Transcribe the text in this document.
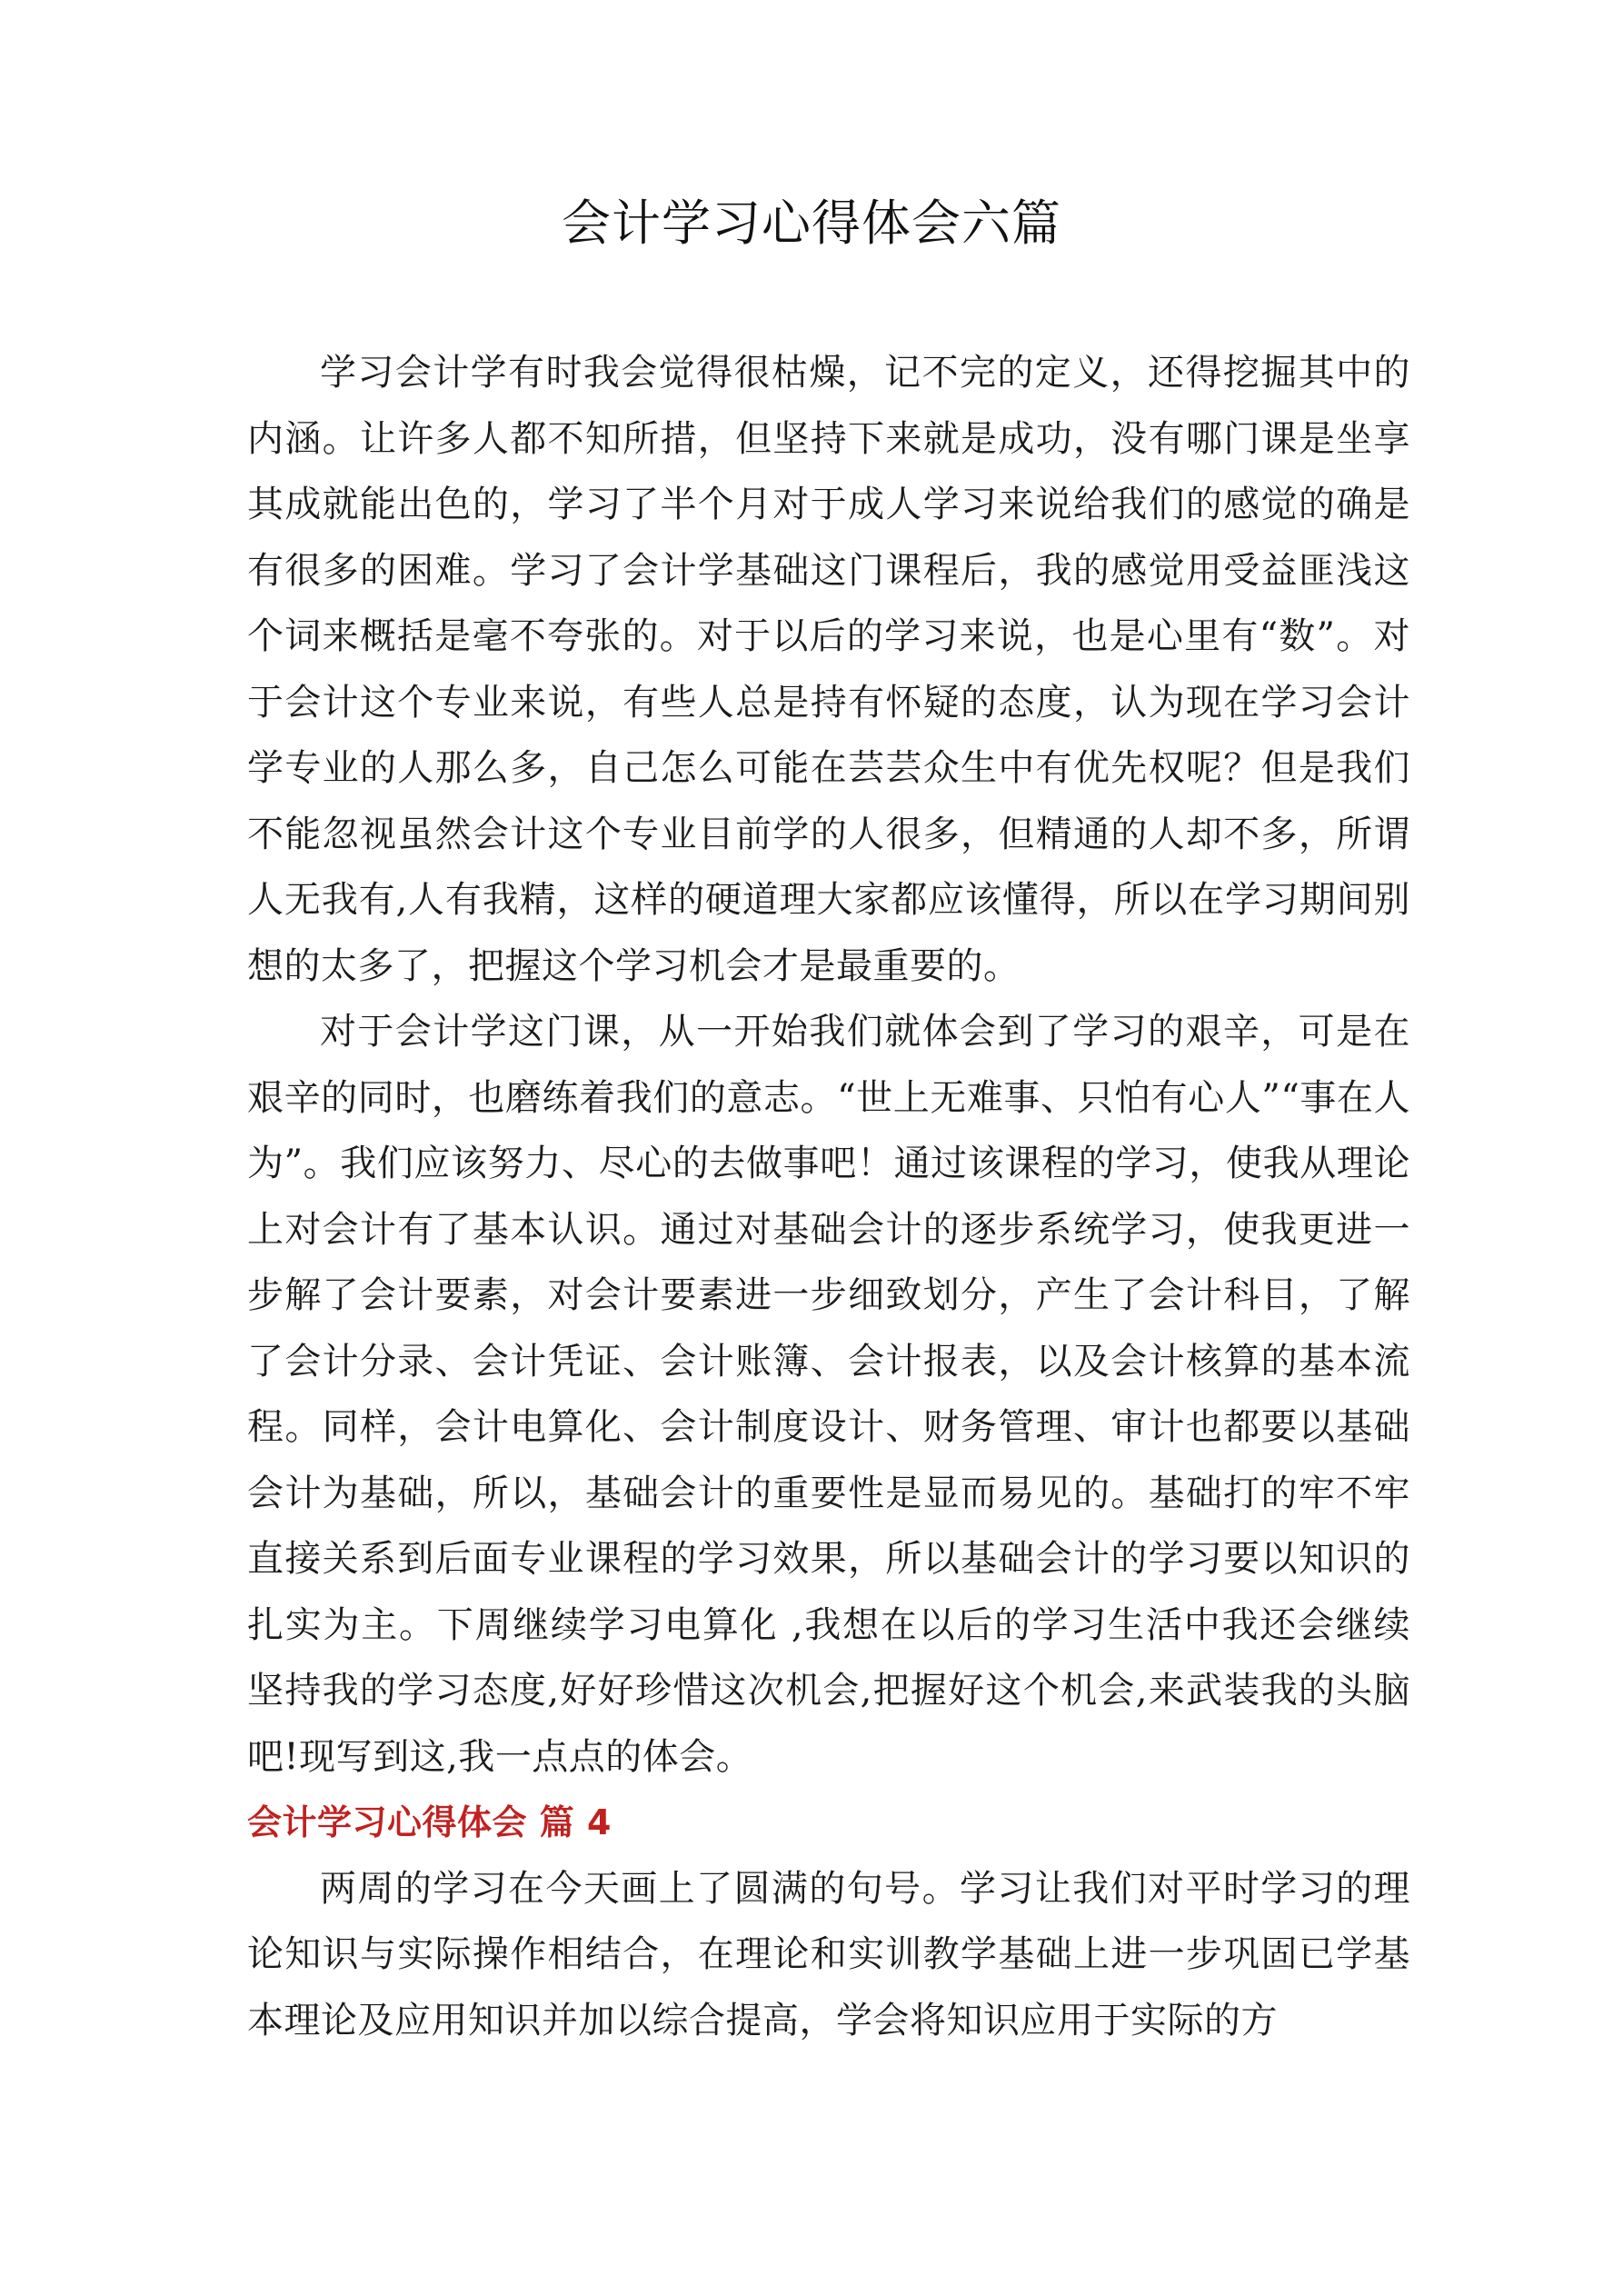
会计学习心得体会六篇

学习会计学有时我会觉得很枯燥，记不完的定义，还得挖掘其中的内涵。让许多人都不知所措，但坚持下来就是成功，没有哪门课是坐享其成就能出色的，学习了半个月对于成人学习来说给我们的感觉的确是有很多的困难。学习了会计学基础这门课程后，我的感觉用受益匪浅这个词来概括是毫不夸张的。对于以后的学习来说，也是心里有“数”。对于会计这个专业来说，有些人总是持有怀疑的态度，认为现在学习会计学专业的人那么多，自己怎么可能在芸芸众生中有优先权呢？但是我们不能忽视虽然会计这个专业目前学的人很多，但精通的人却不多，所谓人无我有,人有我精，这样的硬道理大家都应该懂得，所以在学习期间别想的太多了，把握这个学习机会才是最重要的。

对于会计学这门课，从一开始我们就体会到了学习的艰辛，可是在艰辛的同时，也磨练着我们的意志。“世上无难事、只怕有心人”“事在人为”。我们应该努力、尽心的去做事吧！通过该课程的学习，使我从理论上对会计有了基本认识。通过对基础会计的逐步系统学习，使我更进一步解了会计要素，对会计要素进一步细致划分，产生了会计科目，了解了会计分录、会计凭证、会计账簿、会计报表，以及会计核算的基本流程。同样，会计电算化、会计制度设计、财务管理、审计也都要以基础会计为基础，所以，基础会计的重要性是显而易见的。基础打的牢不牢直接关系到后面专业课程的学习效果，所以基础会计的学习要以知识的扎实为主。下周继续学习电算化 ,我想在以后的学习生活中我还会继续坚持我的学习态度,好好珍惜这次机会,把握好这个机会,来武装我的头脑吧!现写到这,我一点点的体会。

会计学习心得体会 篇 4

两周的学习在今天画上了圆满的句号。学习让我们对平时学习的理论知识与实际操作相结合，在理论和实训教学基础上进一步巩固已学基本理论及应用知识并加以综合提高，学会将知识应用于实际的方
